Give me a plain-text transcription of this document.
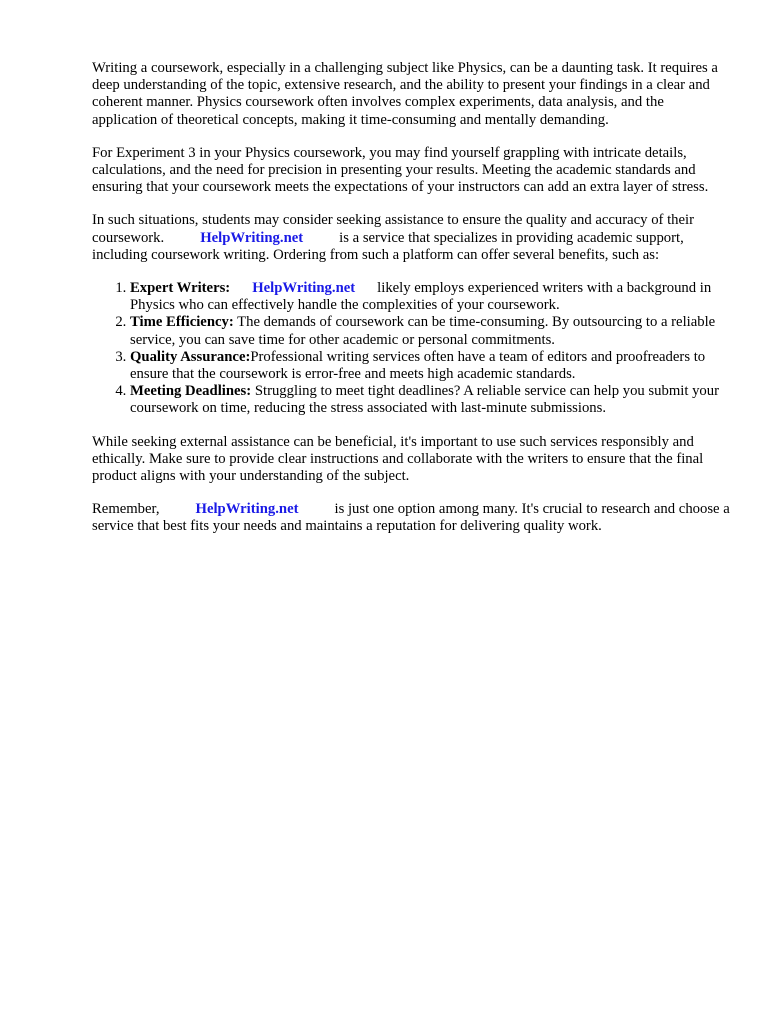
Writing a coursework, especially in a challenging subject like Physics, can be a daunting task. It requires a deep understanding of the topic, extensive research, and the ability to present your findings in a clear and coherent manner. Physics coursework often involves complex experiments, data analysis, and the application of theoretical concepts, making it time-consuming and mentally demanding.

For Experiment 3 in your Physics coursework, you may find yourself grappling with intricate details, calculations, and the need for precision in presenting your results. Meeting the academic standards and ensuring that your coursework meets the expectations of your instructors can add an extra layer of stress.

In such situations, students may consider seeking assistance to ensure the quality and accuracy of their coursework. HelpWriting.net is a service that specializes in providing academic support, including coursework writing. Ordering from such a platform can offer several benefits, such as:

1. Expert Writers: HelpWriting.net likely employs experienced writers with a background in Physics who can effectively handle the complexities of your coursework.
2. Time Efficiency: The demands of coursework can be time-consuming. By outsourcing to a reliable service, you can save time for other academic or personal commitments.
3. Quality Assurance:Professional writing services often have a team of editors and proofreaders to ensure that the coursework is error-free and meets high academic standards.
4. Meeting Deadlines: Struggling to meet tight deadlines? A reliable service can help you submit your coursework on time, reducing the stress associated with last-minute submissions.

While seeking external assistance can be beneficial, it's important to use such services responsibly and ethically. Make sure to provide clear instructions and collaborate with the writers to ensure that the final product aligns with your understanding of the subject.

Remember, HelpWriting.net is just one option among many. It's crucial to research and choose a service that best fits your needs and maintains a reputation for delivering quality work.
